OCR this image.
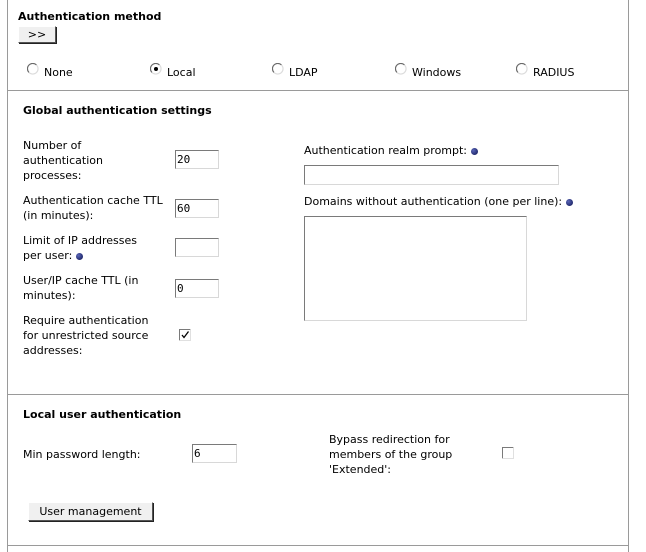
Authentication method
>>
None	Local	LDAP	Windows	RADIUS
Global authentication settings
Number of authentication processes:
20
Authentication cache TTL (in minutes):
60
Limit of IP addresses per user:
User/IP cache TTL (in minutes):
0
Require authentication for unrestricted source addresses:
Authentication realm prompt:
Domains without authentication (one per line):
Local user authentication
Min password length:	6
Bypass redirection for members of the group 'Extended':
User management
